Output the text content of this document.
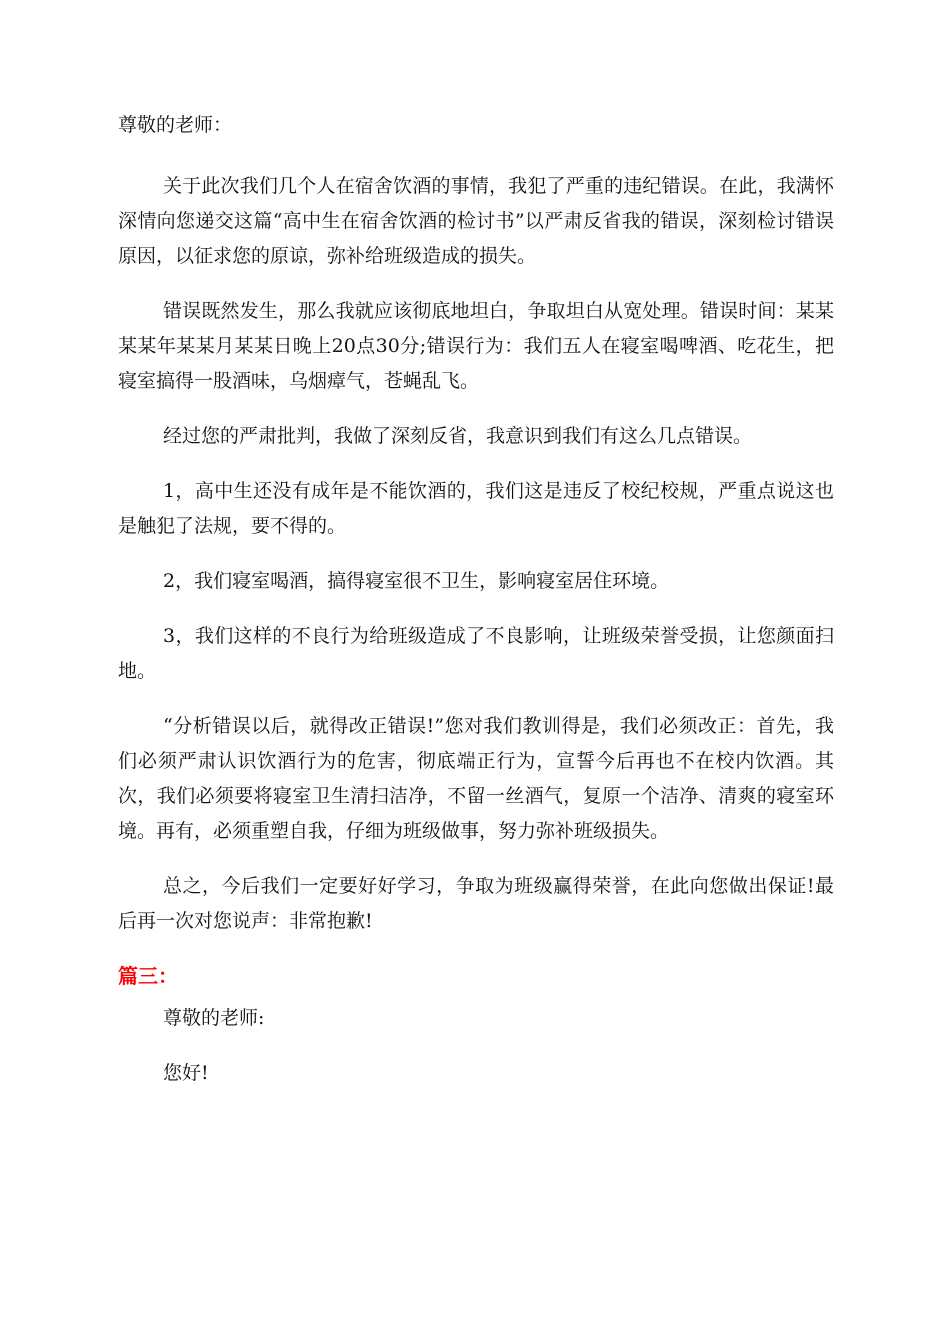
尊敬的老师：

关于此次我们几个人在宿舍饮酒的事情，我犯了严重的违纪错误。在此，我满怀深情向您递交这篇“高中生在宿舍饮酒的检讨书”以严肃反省我的错误，深刻检讨错误原因，以征求您的原谅，弥补给班级造成的损失。

错误既然发生，那么我就应该彻底地坦白，争取坦白从宽处理。错误时间：某某某某年某某月某某日晚上20点30分;错误行为：我们五人在寝室喝啤酒、吃花生，把寝室搞得一股酒味，乌烟瘴气，苍蝇乱飞。

经过您的严肃批判，我做了深刻反省，我意识到我们有这么几点错误。

1，高中生还没有成年是不能饮酒的，我们这是违反了校纪校规，严重点说这也是触犯了法规，要不得的。

2，我们寝室喝酒，搞得寝室很不卫生，影响寝室居住环境。

3，我们这样的不良行为给班级造成了不良影响，让班级荣誉受损，让您颜面扫地。

“分析错误以后，就得改正错误!”您对我们教训得是，我们必须改正：首先，我们必须严肃认识饮酒行为的危害，彻底端正行为，宣誓今后再也不在校内饮酒。其次，我们必须要将寝室卫生清扫洁净，不留一丝酒气，复原一个洁净、清爽的寝室环境。再有，必须重塑自我，仔细为班级做事，努力弥补班级损失。

总之，今后我们一定要好好学习，争取为班级赢得荣誉，在此向您做出保证!最后再一次对您说声：非常抱歉!

篇三：

尊敬的老师:

您好!
